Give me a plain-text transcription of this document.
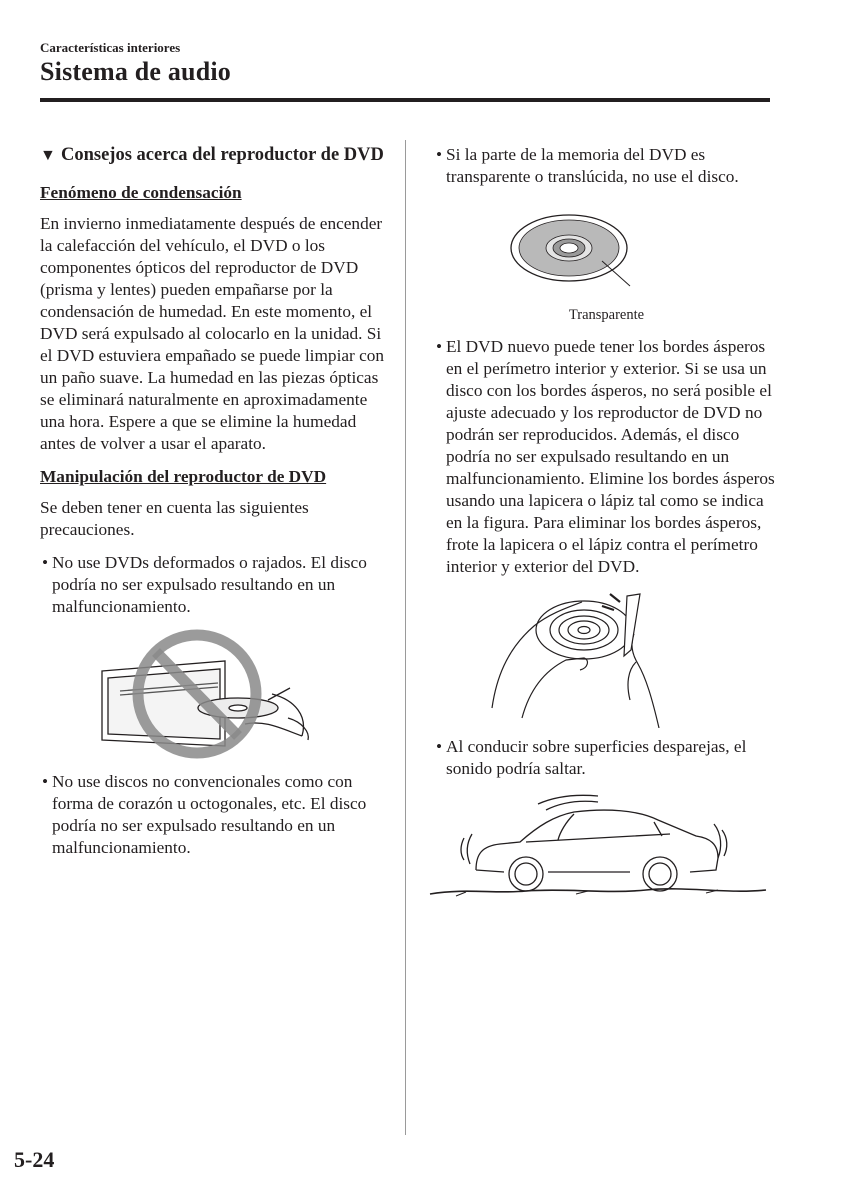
Características interiores
Sistema de audio
▼ Consejos acerca del reproductor de DVD
Fenómeno de condensación

En invierno inmediatamente después de encender la calefacción del vehículo, el DVD o los componentes ópticos del reproductor de DVD (prisma y lentes) pueden empañarse por la condensación de humedad. En este momento, el DVD será expulsado al colocarlo en la unidad. Si el DVD estuviera empañado se puede limpiar con un paño suave. La humedad en las piezas ópticas se eliminará naturalmente en aproximadamente una hora. Espere a que se elimine la humedad antes de volver a usar el aparato.

Manipulación del reproductor de DVD

Se deben tener en cuenta las siguientes precauciones.

• No use DVDs deformados o rajados. El disco podría no ser expulsado resultando en un malfuncionamiento.
• No use discos no convencionales como con forma de corazón u octogonales, etc. El disco podría no ser expulsado resultando en un malfuncionamiento.
• Si la parte de la memoria del DVD es transparente o translúcida, no use el disco.
Transparente
• El DVD nuevo puede tener los bordes ásperos en el perímetro interior y exterior. Si se usa un disco con los bordes ásperos, no será posible el ajuste adecuado y los reproductor de DVD no podrán ser reproducidos. Además, el disco podría no ser expulsado resultando en un malfuncionamiento. Elimine los bordes ásperos usando una lapicera o lápiz tal como se indica en la figura. Para eliminar los bordes ásperos, frote la lapicera o el lápiz contra el perímetro interior y exterior del DVD.
• Al conducir sobre superficies desparejas, el sonido podría saltar.
5-24
